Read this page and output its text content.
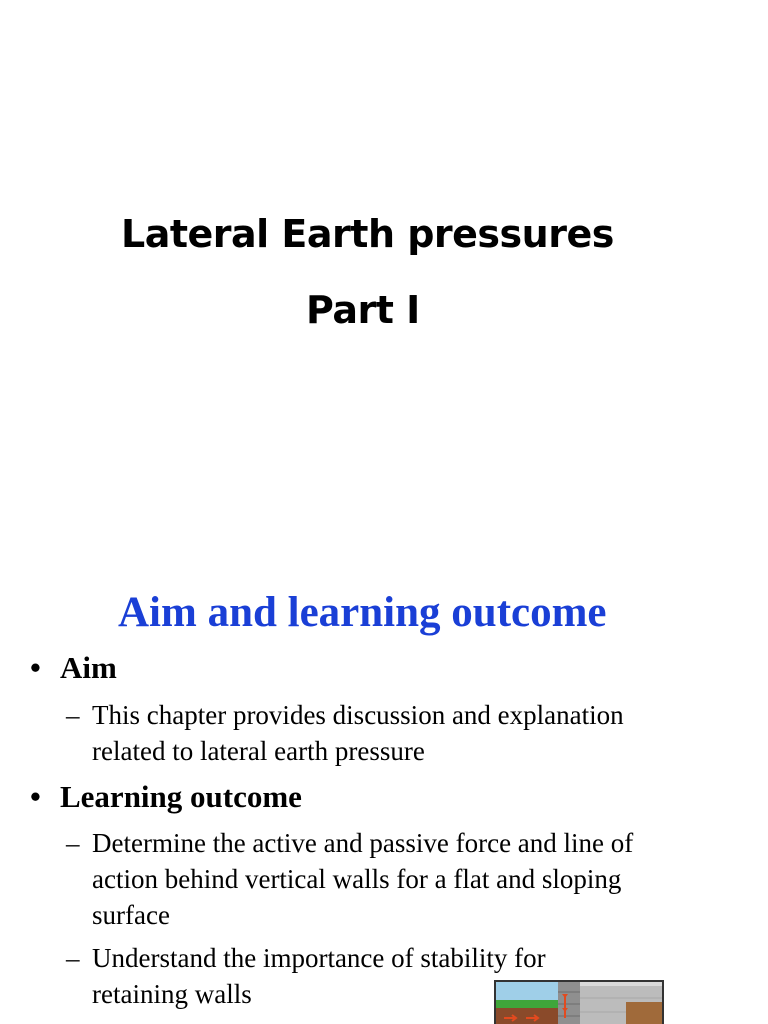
Lateral Earth pressures
Part I
Aim and learning outcome
• Aim
– This chapter provides discussion and explanation
related to lateral earth pressure
• Learning outcome
– Determine the active and passive force and line of
action behind vertical walls for a flat and sloping
surface
– Understand the importance of stability for
retaining walls
